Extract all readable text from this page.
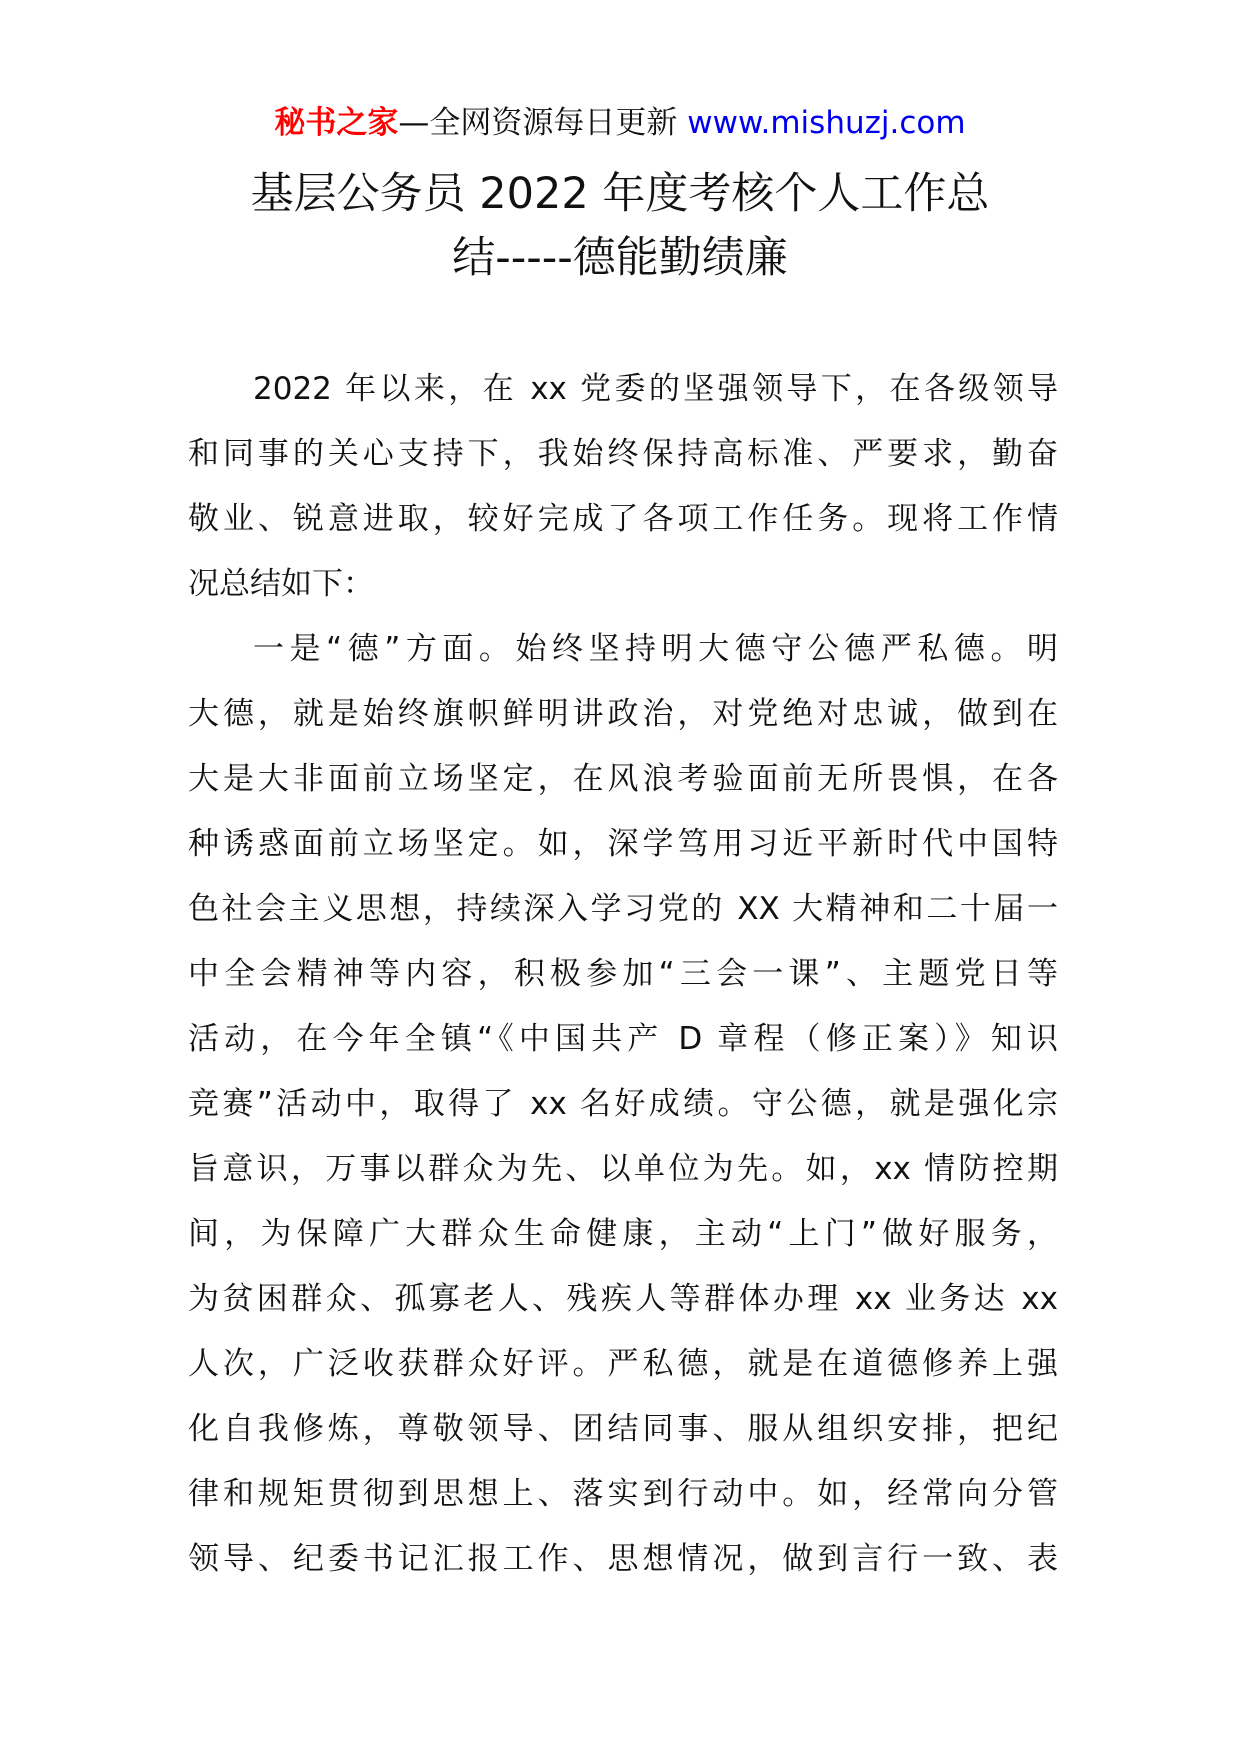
秘书之家—全网资源每日更新 www.mishuzj.com
基层公务员 2022 年度考核个人工作总
结-----德能勤绩廉
2022 年以来，在 xx 党委的坚强领导下，在各级领导
和同事的关心支持下，我始终保持高标准、严要求，勤奋
敬业、锐意进取，较好完成了各项工作任务。现将工作情
况总结如下：
一是“德”方面。始终坚持明大德守公德严私德。明
大德，就是始终旗帜鲜明讲政治，对党绝对忠诚，做到在
大是大非面前立场坚定，在风浪考验面前无所畏惧，在各
种诱惑面前立场坚定。如，深学笃用习近平新时代中国特
色社会主义思想，持续深入学习党的 XX 大精神和二十届一
中全会精神等内容，积极参加“三会一课”、主题党日等
活动，在今年全镇“《中国共产 D 章程（修正案）》知识
竞赛”活动中，取得了 xx 名好成绩。守公德，就是强化宗
旨意识，万事以群众为先、以单位为先。如，xx 情防控期
间，为保障广大群众生命健康，主动“上门”做好服务，
为贫困群众、孤寡老人、残疾人等群体办理 xx 业务达 xx
人次，广泛收获群众好评。严私德，就是在道德修养上强
化自我修炼，尊敬领导、团结同事、服从组织安排，把纪
律和规矩贯彻到思想上、落实到行动中。如，经常向分管
领导、纪委书记汇报工作、思想情况，做到言行一致、表
